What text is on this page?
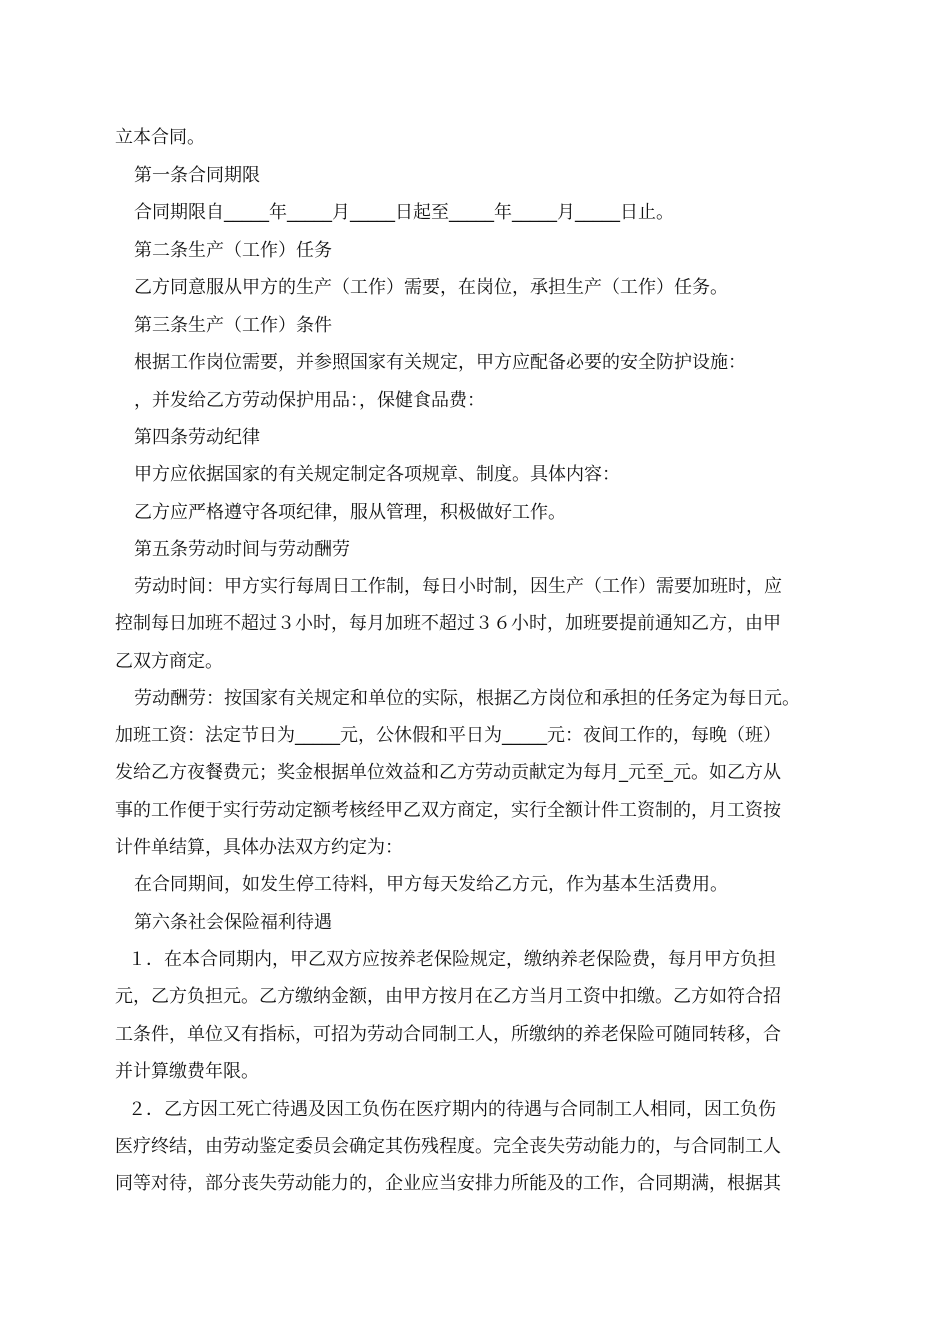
立本合同。
第一条合同期限
合同期限自_____年_____月_____日起至_____年_____月_____日止。
第二条生产（工作）任务
乙方同意服从甲方的生产（工作）需要，在岗位，承担生产（工作）任务。
第三条生产（工作）条件
根据工作岗位需要，并参照国家有关规定，甲方应配备必要的安全防护设施：
，并发给乙方劳动保护用品：，保健食品费：
第四条劳动纪律
甲方应依据国家的有关规定制定各项规章、制度。具体内容：
乙方应严格遵守各项纪律，服从管理，积极做好工作。
第五条劳动时间与劳动酬劳
劳动时间：甲方实行每周日工作制，每日小时制，因生产（工作）需要加班时，应
控制每日加班不超过３小时，每月加班不超过３６小时，加班要提前通知乙方，由甲
乙双方商定。
劳动酬劳：按国家有关规定和单位的实际，根据乙方岗位和承担的任务定为每日元。
加班工资：法定节日为_____元，公休假和平日为_____元：夜间工作的，每晚（班）
发给乙方夜餐费元；奖金根据单位效益和乙方劳动贡献定为每月_元至_元。如乙方从
事的工作便于实行劳动定额考核经甲乙双方商定，实行全额计件工资制的，月工资按
计件单结算，具体办法双方约定为：
在合同期间，如发生停工待料，甲方每天发给乙方元，作为基本生活费用。
第六条社会保险福利待遇
１．在本合同期内，甲乙双方应按养老保险规定，缴纳养老保险费，每月甲方负担
元，乙方负担元。乙方缴纳金额，由甲方按月在乙方当月工资中扣缴。乙方如符合招
工条件，单位又有指标，可招为劳动合同制工人，所缴纳的养老保险可随同转移，合
并计算缴费年限。
２．乙方因工死亡待遇及因工负伤在医疗期内的待遇与合同制工人相同，因工负伤
医疗终结，由劳动鉴定委员会确定其伤残程度。完全丧失劳动能力的，与合同制工人
同等对待，部分丧失劳动能力的，企业应当安排力所能及的工作，合同期满，根据其
